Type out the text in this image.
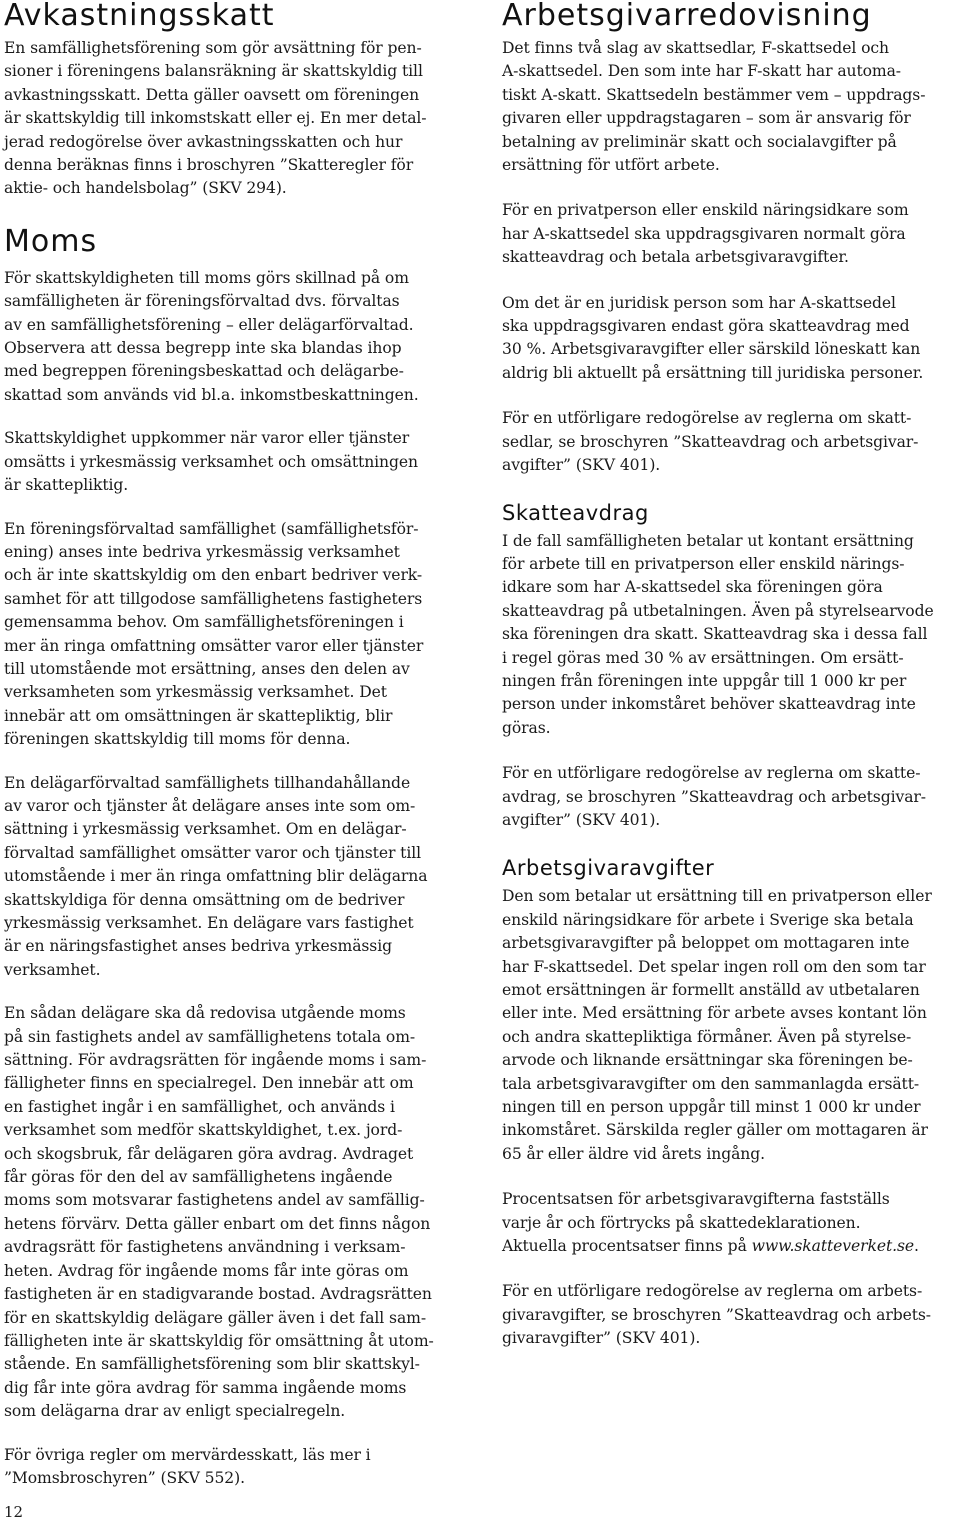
Avkastningsskatt

En samfällighetsförening som gör avsättning för pen-
sioner i föreningens balansräkning är skattskyldig till
avkastningsskatt. Detta gäller oavsett om föreningen
är skattskyldig till inkomstskatt eller ej. En mer detal-
jerad redogörelse över avkastningsskatten och hur
denna beräknas finns i broschyren ”Skatteregler för
aktie- och handelsbolag” (SKV 294).

Moms

För skattskyldigheten till moms görs skillnad på om
samfälligheten är föreningsförvaltad dvs. förvaltas
av en samfällighetsförening – eller delägarförvaltad.
Observera att dessa begrepp inte ska blandas ihop
med begreppen föreningsbeskattad och delägarbe-
skattad som används vid bl.a. inkomstbeskattningen.

Skattskyldighet uppkommer när varor eller tjänster
omsätts i yrkesmässig verksamhet och omsättningen
är skattepliktig.

En föreningsförvaltad samfällighet (samfällighetsför-
ening) anses inte bedriva yrkesmässig verksamhet
och är inte skattskyldig om den enbart bedriver verk-
samhet för att tillgodose samfällighetens fastigheters
gemensamma behov. Om samfällighetsföreningen i
mer än ringa omfattning omsätter varor eller tjänster
till utomstående mot ersättning, anses den delen av
verksamheten som yrkesmässig verksamhet. Det
innebär att om omsättningen är skattepliktig, blir
föreningen skattskyldig till moms för denna.

En delägarförvaltad samfällighets tillhandahållande
av varor och tjänster åt delägare anses inte som om-
sättning i yrkesmässig verksamhet. Om en delägar-
förvaltad samfällighet omsätter varor och tjänster till
utomstående i mer än ringa omfattning blir delägarna
skattskyldiga för denna omsättning om de bedriver
yrkesmässig verksamhet. En delägare vars fastighet
är en näringsfastighet anses bedriva yrkesmässig
verksamhet.

En sådan delägare ska då redovisa utgående moms
på sin fastighets andel av samfällighetens totala om-
sättning. För avdragsrätten för ingående moms i sam-
fälligheter finns en specialregel. Den innebär att om
en fastighet ingår i en samfällighet, och används i
verksamhet som medför skattskyldighet, t.ex. jord-
och skogsbruk, får delägaren göra avdrag. Avdraget
får göras för den del av samfällighetens ingående
moms som motsvarar fastighetens andel av samfällig-
hetens förvärv. Detta gäller enbart om det finns någon
avdragsrätt för fastighetens användning i verksam-
heten. Avdrag för ingående moms får inte göras om
fastigheten är en stadigvarande bostad. Avdragsrätten
för en skattskyldig delägare gäller även i det fall sam-
fälligheten inte är skattskyldig för omsättning åt utom-
stående. En samfällighetsförening som blir skattskyl-
dig får inte göra avdrag för samma ingående moms
som delägarna drar av enligt specialregeln.

För övriga regler om mervärdesskatt, läs mer i
”Momsbroschyren” (SKV 552).

12
Arbetsgivarredovisning

Det finns två slag av skattsedlar, F-skattsedel och
A-skattsedel. Den som inte har F-skatt har automa-
tiskt A-skatt. Skattsedeln bestämmer vem – uppdrags-
givaren eller uppdragstagaren – som är ansvarig för
betalning av preliminär skatt och socialavgifter på
ersättning för utfört arbete.

För en privatperson eller enskild näringsidkare som
har A-skattsedel ska uppdragsgivaren normalt göra
skatteavdrag och betala arbetsgivaravgifter.

Om det är en juridisk person som har A-skattsedel
ska uppdragsgivaren endast göra skatteavdrag med
30 %. Arbetsgivaravgifter eller särskild löneskatt kan
aldrig bli aktuellt på ersättning till juridiska personer.

För en utförligare redogörelse av reglerna om skatt-
sedlar, se broschyren ”Skatteavdrag och arbetsgivar-
avgifter” (SKV 401).

Skatteavdrag

I de fall samfälligheten betalar ut kontant ersättning
för arbete till en privatperson eller enskild närings-
idkare som har A-skattsedel ska föreningen göra
skatteavdrag på utbetalningen. Även på styrelsearvode
ska föreningen dra skatt. Skatteavdrag ska i dessa fall
i regel göras med 30 % av ersättningen. Om ersätt-
ningen från föreningen inte uppgår till 1 000 kr per
person under inkomståret behöver skatteavdrag inte
göras.

För en utförligare redogörelse av reglerna om skatte-
avdrag, se broschyren ”Skatteavdrag och arbetsgivar-
avgifter” (SKV 401).

Arbetsgivaravgifter

Den som betalar ut ersättning till en privatperson eller
enskild näringsidkare för arbete i Sverige ska betala
arbetsgivaravgifter på beloppet om mottagaren inte
har F-skattsedel. Det spelar ingen roll om den som tar
emot ersättningen är formellt anställd av utbetalaren
eller inte. Med ersättning för arbete avses kontant lön
och andra skattepliktiga förmåner. Även på styrelse-
arvode och liknande ersättningar ska föreningen be-
tala arbetsgivaravgifter om den sammanlagda ersätt-
ningen till en person uppgår till minst 1 000 kr under
inkomståret. Särskilda regler gäller om mottagaren är
65 år eller äldre vid årets ingång.

Procentsatsen för arbetsgivaravgifterna fastställs
varje år och förtrycks på skattedeklarationen.
Aktuella procentsatser finns på www.skatteverket.se.

För en utförligare redogörelse av reglerna om arbets-
givaravgifter, se broschyren ”Skatteavdrag och arbets-
givaravgifter” (SKV 401).
